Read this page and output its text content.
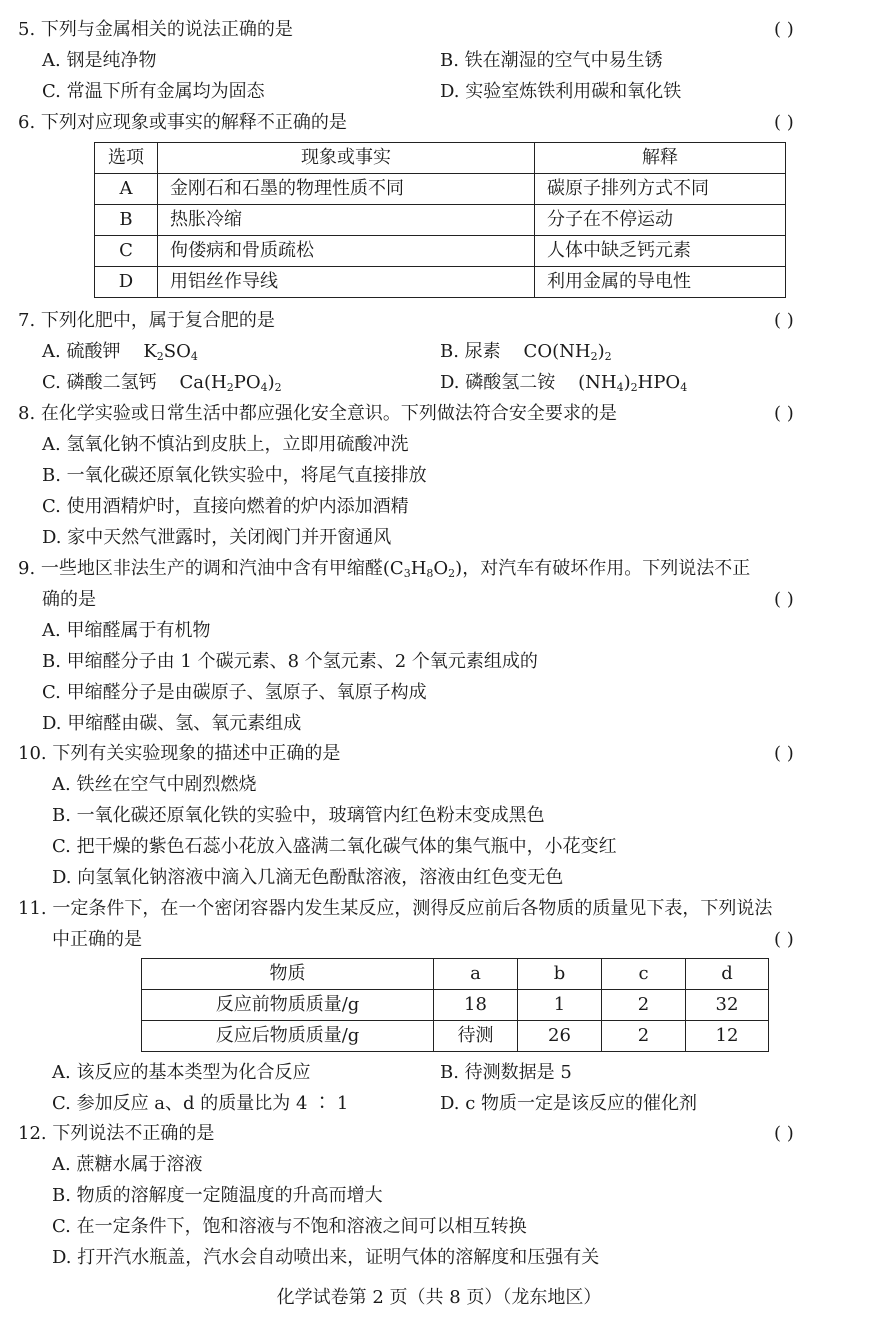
5. 下列与金属相关的说法正确的是	( )
A. 钢是纯净物	B. 铁在潮湿的空气中易生锈
C. 常温下所有金属均为固态	D. 实验室炼铁利用碳和氧化铁
6. 下列对应现象或事实的解释不正确的是	( )
选项	现象或事实	解释
A	金刚石和石墨的物理性质不同	碳原子排列方式不同
B	热胀冷缩	分子在不停运动
C	佝偻病和骨质疏松	人体中缺乏钙元素
D	用铝丝作导线	利用金属的导电性
7. 下列化肥中，属于复合肥的是	( )
A. 硫酸钾    $K_2SO_4$	B. 尿素    $CO(NH_2)_2$
C. 磷酸二氢钙    $Ca(H_2PO_4)_2$	D. 磷酸氢二铵    $(NH_4)_2HPO_4$
8. 在化学实验或日常生活中都应强化安全意识。下列做法符合安全要求的是	( )
A. 氢氧化钠不慎沾到皮肤上，立即用硫酸冲洗
B. 一氧化碳还原氧化铁实验中，将尾气直接排放
C. 使用酒精炉时，直接向燃着的炉内添加酒精
D. 家中天然气泄露时，关闭阀门并开窗通风
9. 一些地区非法生产的调和汽油中含有甲缩醛$(C_3H_8O_2)$，对汽车有破坏作用。下列说法不正
确的是	( )
A. 甲缩醛属于有机物
B. 甲缩醛分子由 1 个碳元素、8 个氢元素、2 个氧元素组成的
C. 甲缩醛分子是由碳原子、氢原子、氧原子构成
D. 甲缩醛由碳、氢、氧元素组成
10. 下列有关实验现象的描述中正确的是	( )
A. 铁丝在空气中剧烈燃烧
B. 一氧化碳还原氧化铁的实验中，玻璃管内红色粉末变成黑色
C. 把干燥的紫色石蕊小花放入盛满二氧化碳气体的集气瓶中，小花变红
D. 向氢氧化钠溶液中滴入几滴无色酚酞溶液，溶液由红色变无色
11. 一定条件下，在一个密闭容器内发生某反应，测得反应前后各物质的质量见下表，下列说法
中正确的是	( )
物质	a	b	c	d
反应前物质质量/g	18	1	2	32
反应后物质质量/g	待测	26	2	12
A. 该反应的基本类型为化合反应	B. 待测数据是 5
C. 参加反应 a、d 的质量比为 4 ∶ 1	D. c 物质一定是该反应的催化剂
12. 下列说法不正确的是	( )
A. 蔗糖水属于溶液
B. 物质的溶解度一定随温度的升高而增大
C. 在一定条件下，饱和溶液与不饱和溶液之间可以相互转换
D. 打开汽水瓶盖，汽水会自动喷出来，证明气体的溶解度和压强有关
化学试卷第 2 页（共 8 页）（龙东地区）
